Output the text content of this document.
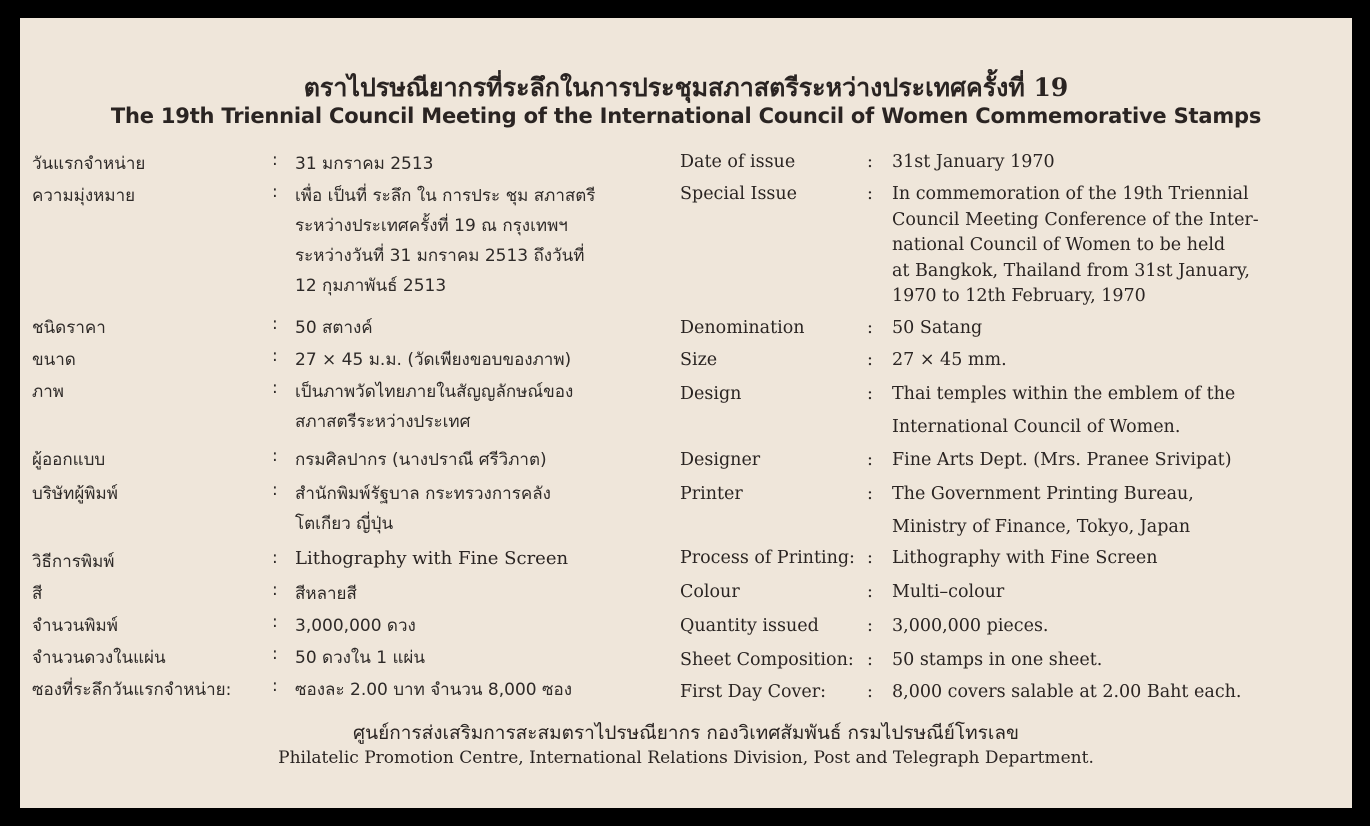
ตราไปรษณียากรที่ระลึกในการประชุมสภาสตรีระหว่างประเทศครั้งที่ 19
The 19th Triennial Council Meeting of the International Council of Women Commemorative Stamps
วันแรกจำหน่าย	: 31 มกราคม 2513
ความมุ่งหมาย	: เพื่อ เป็นที่ ระลึก ใน การประ ชุม สภาสตรี
ระหว่างประเทศครั้งที่ 19 ณ กรุงเทพฯ
ระหว่างวันที่ 31 มกราคม 2513 ถึงวันที่
12 กุมภาพันธ์ 2513
ชนิดราคา	: 50 สตางค์
ขนาด	: 27 × 45 ม.ม. (วัดเพียงขอบของภาพ)
ภาพ	: เป็นภาพวัดไทยภายในสัญญลักษณ์ของ
สภาสตรีระหว่างประเทศ
ผู้ออกแบบ	: กรมศิลปากร (นางปราณี ศรีวิภาต)
บริษัทผู้พิมพ์	: สำนักพิมพ์รัฐบาล กระทรวงการคลัง
โตเกียว ญี่ปุ่น
วิธีการพิมพ์	: Lithography with Fine Screen
สี	: สีหลายสี
จำนวนพิมพ์	: 3,000,000 ดวง
จำนวนดวงในแผ่น	: 50 ดวงใน 1 แผ่น
ซองที่ระลึกวันแรกจำหน่าย: : ซองละ 2.00 บาท จำนวน 8,000 ซอง
Date of issue	: 31st January 1970
Special Issue	: In commemoration of the 19th Triennial
Council Meeting Conference of the Inter-
national Council of Women to be held
at Bangkok, Thailand from 31st January,
1970 to 12th February, 1970
Denomination	: 50 Satang
Size	: 27 × 45 mm.
Design	: Thai temples within the emblem of the
International Council of Women.
Designer	: Fine Arts Dept. (Mrs. Pranee Srivipat)
Printer	: The Government Printing Bureau,
Ministry of Finance, Tokyo, Japan
Process of Printing: : Lithography with Fine Screen
Colour	: Multi–colour
Quantity issued	: 3,000,000 pieces.
Sheet Composition: : 50 stamps in one sheet.
First Day Cover: : 8,000 covers salable at 2.00 Baht each.
ศูนย์การส่งเสริมการสะสมตราไปรษณียากร กองวิเทศสัมพันธ์ กรมไปรษณีย์โทรเลข
Philatelic Promotion Centre, International Relations Division, Post and Telegraph Department.
